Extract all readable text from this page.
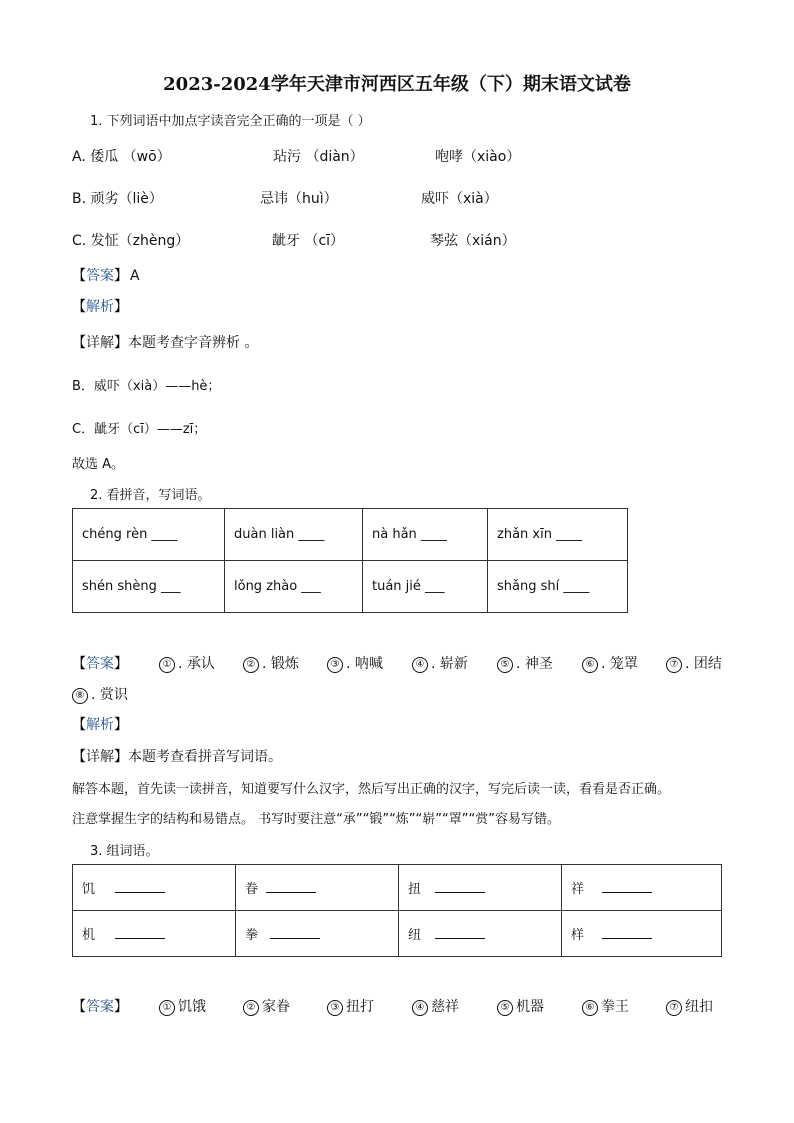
2023-2024学年天津市河西区五年级（下）期末语文试卷
1. 下列词语中加点字读音完全正确的一项是（ ）
A. 倭瓜 （wō）	玷污 （diàn）	咆哮（xiào）
B. 顽劣（liè）	忌讳（huì）	威吓（xià）
C. 发怔（zhèng）	龇牙 （cī）	琴弦（xián）
【答案】 A
【解析】
【详解】本题考查字音辨析 。
B．威吓（xià）——hè；
C．龇牙（cī）——zī；
故选 A。
2. 看拼音，写词语。
chéng rèn ____	duàn liàn ____	nà hǎn ____	zhǎn xīn ____
shén shèng ___	lǒng zhào ___	tuán jié ___	shǎng shí ____
【答案】	① . 承认	② . 锻炼	③ . 呐喊	④ . 崭新	⑤ . 神圣	⑥ . 笼罩	⑦ . 团结
⑧ . 赏识
【解析】
【详解】本题考查看拼音写词语。
解答本题，首先读一读拼音，知道要写什么汉字，然后写出正确的汉字，写完后读一读，看看是否正确。
注意掌握生字的结构和易错点。 书写时要注意“承”“锻”“炼”“崭”“罩”“赏”容易写错。
3. 组词语。
饥	眷	扭	祥
机	拳	纽	样
【答案】	① 饥饿	② 家眷	③ 扭打	④ 慈祥	⑤ 机器	⑥ 拳王	⑦ 纽扣
